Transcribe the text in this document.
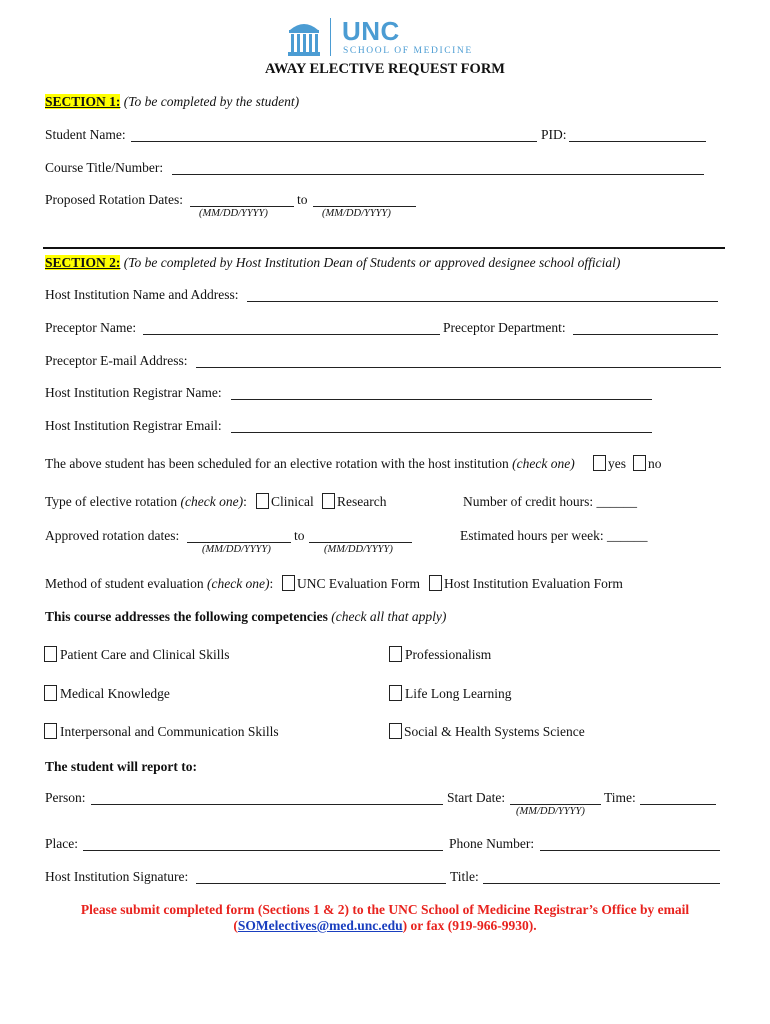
UNC
SCHOOL OF MEDICINE
AWAY ELECTIVE REQUEST FORM
SECTION 1: (To be completed by the student)
Student Name:	PID:
Course Title/Number:
Proposed Rotation Dates:	to
(MM/DD/YYYY)	(MM/DD/YYYY)
SECTION 2: (To be completed by Host Institution Dean of Students or approved designee school official)
Host Institution Name and Address:
Preceptor Name:	Preceptor Department:
Preceptor E-mail Address:
Host Institution Registrar Name:
Host Institution Registrar Email:
The above student has been scheduled for an elective rotation with the host institution (check one) yes no
Type of elective rotation (check one): Clinical Research	Number of credit hours: ______
Approved rotation dates:	to
(MM/DD/YYYY)	(MM/DD/YYYY)
Estimated hours per week: ______
Method of student evaluation (check one): UNC Evaluation Form Host Institution Evaluation Form
This course addresses the following competencies (check all that apply)
Patient Care and Clinical Skills	Professionalism
Medical Knowledge	Life Long Learning
Interpersonal and Communication Skills	Social & Health Systems Science
The student will report to:
Person:	Start Date:
(MM/DD/YYYY)
Time:
Place:	Phone Number:
Host Institution Signature:	Title:
Please submit completed form (Sections 1 & 2) to the UNC School of Medicine Registrar’s Office by email
(SOMelectives@med.unc.edu) or fax (919-966-9930).
